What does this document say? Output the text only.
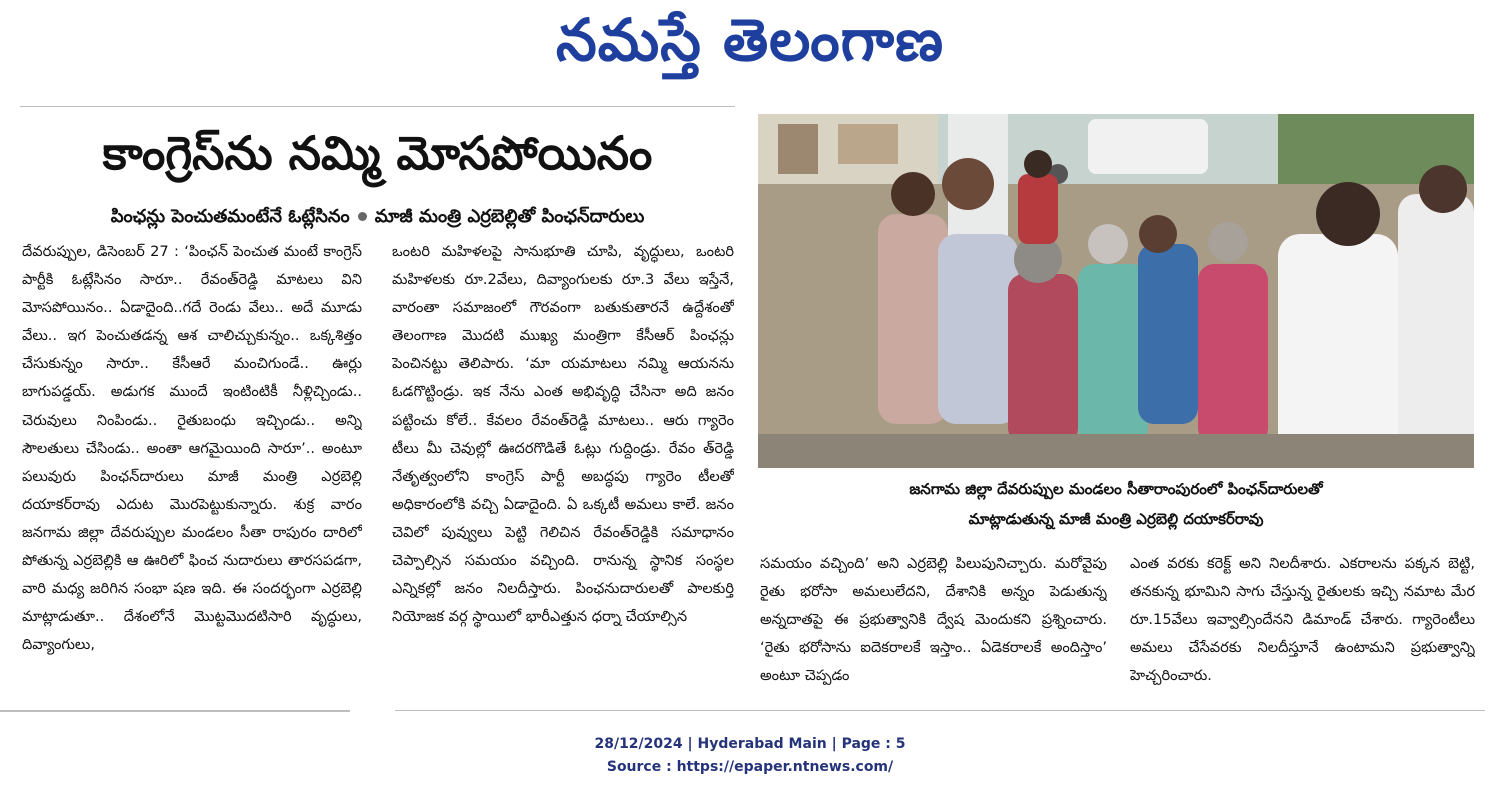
నమస్తే తెలంగాణ
కాంగ్రెస్‌ను నమ్మి మోసపోయినం
పింఛన్లు పెంచుతమంటేనే ఓట్లేసినం మాజీ మంత్రి ఎర్రబెల్లితో పింఛన్‌దారులు

దేవరుప్పుల, డిసెంబర్‌ 27 : ‘పింఛన్‌ పెంచుత మంటే కాంగ్రెస్‌ పార్టీకి ఓట్లేసినం సారూ.. రేవంత్‌రెడ్డి మాటలు విని మోసపోయినం.. ఏడాదైంది..గదే రెండు వేలు.. అదే మూడు వేలు.. ఇగ పెంచుతడన్న ఆశ చాలిచ్చుకున్నం.. ఒక్కశిత్తం చేసుకున్నం సారూ.. కేసీఆరే మంచిగుండే.. ఊర్లు బాగుపడ్డయ్‌. అడుగక ముందే ఇంటింటికీ నీళ్లిచ్చిండు.. చెరువులు నింపిండు.. రైతుబంధు ఇచ్చిండు.. అన్ని సౌలతులు చేసిండు.. అంతా ఆగమైయింది సారూ’.. అంటూ పలువురు పింఛన్‌దారులు మాజీ మంత్రి ఎర్రబెల్లి దయాకర్‌రావు ఎదుట మొరపెట్టుకున్నారు. శుక్ర వారం జనగామ జిల్లా దేవరుప్పుల మండలం సీతా రాపురం దారిలో పోతున్న ఎర్రబెల్లికి ఆ ఊరిలో ఫించ నుదారులు తారసపడగా, వారి మధ్య జరిగిన సంభా షణ ఇది. ఈ సందర్భంగా ఎర్రబెల్లి మాట్లాడుతూ.. దేశంలోనే మొట్టమొదటిసారి వృద్ధులు, దివ్యాంగులు,

ఒంటరి మహిళలపై సానుభూతి చూపి, వృద్ధులు, ఒంటరి మహిళలకు రూ.2వేలు, దివ్యాంగులకు రూ.3 వేలు ఇస్తేనే, వారంతా సమాజంలో గౌరవంగా బతుకుతారనే ఉద్దేశంతో తెలంగాణ మొదటి ముఖ్య మంత్రిగా కేసీఆర్‌ పింఛన్లు పెంచినట్టు తెలిపారు. ‘మా యమాటలు నమ్మి ఆయనను ఓడగొట్టిండ్రు. ఇక నేను ఎంత అభివృద్ధి చేసినా అది జనం పట్టించు కోలే.. కేవలం రేవంత్‌రెడ్డి మాటలు.. ఆరు గ్యారెం టీలు మీ చెవుల్లో ఊదరగొడితే ఓట్లు గుద్దిండ్రు. రేవం త్‌రెడ్డి నేతృత్వంలోని కాంగ్రెస్‌ పార్టీ అబద్ధపు గ్యారెం టీలతో అధికారంలోకి వచ్చి ఏడాదైంది. ఏ ఒక్కటీ అమలు కాలే. జనం చెవిలో పువ్వులు పెట్టి గెలిచిన రేవంత్‌రెడ్డికి సమాధానం చెప్పాల్సిన సమయం వచ్చింది. రానున్న స్థానిక సంస్థల ఎన్నికల్లో జనం నిలదీస్తారు. పింఛనుదారులతో పాలకుర్తి నియోజక వర్గ స్థాయిలో భారీఎత్తున ధర్నా చేయాల్సిన

జనగామ జిల్లా దేవరుప్పుల మండలం సీతారాంపురంలో పింఛన్‌దారులతో
మాట్లాడుతున్న మాజీ మంత్రి ఎర్రబెల్లి దయాకర్‌రావు

సమయం వచ్చింది’ అని ఎర్రబెల్లి పిలుపునిచ్చారు. మరోవైపు రైతు భరోసా అమలులేదని, దేశానికి అన్నం పెడుతున్న అన్నదాతపై ఈ ప్రభుత్వానికి ద్వేష మెందుకని ప్రశ్నించారు. ‘రైతు భరోసాను ఐదెకరాలకే ఇస్తాం.. ఏడెకరాలకే అందిస్తాం’ అంటూ చెప్పడం

ఎంత వరకు కరెక్ట్‌ అని నిలదీశారు. ఎకరాలను పక్కన బెట్టి, తనకున్న భూమిని సాగు చేస్తున్న రైతులకు ఇచ్చి నమాట మేర రూ.15వేలు ఇవ్వాల్సిందేనని డిమాండ్‌ చేశారు. గ్యారెంటీలు అమలు చేసేవరకు నిలదీస్తూనే ఉంటామని ప్రభుత్వాన్ని హెచ్చరించారు.

28/12/2024 | Hyderabad Main | Page : 5
Source : https://epaper.ntnews.com/
